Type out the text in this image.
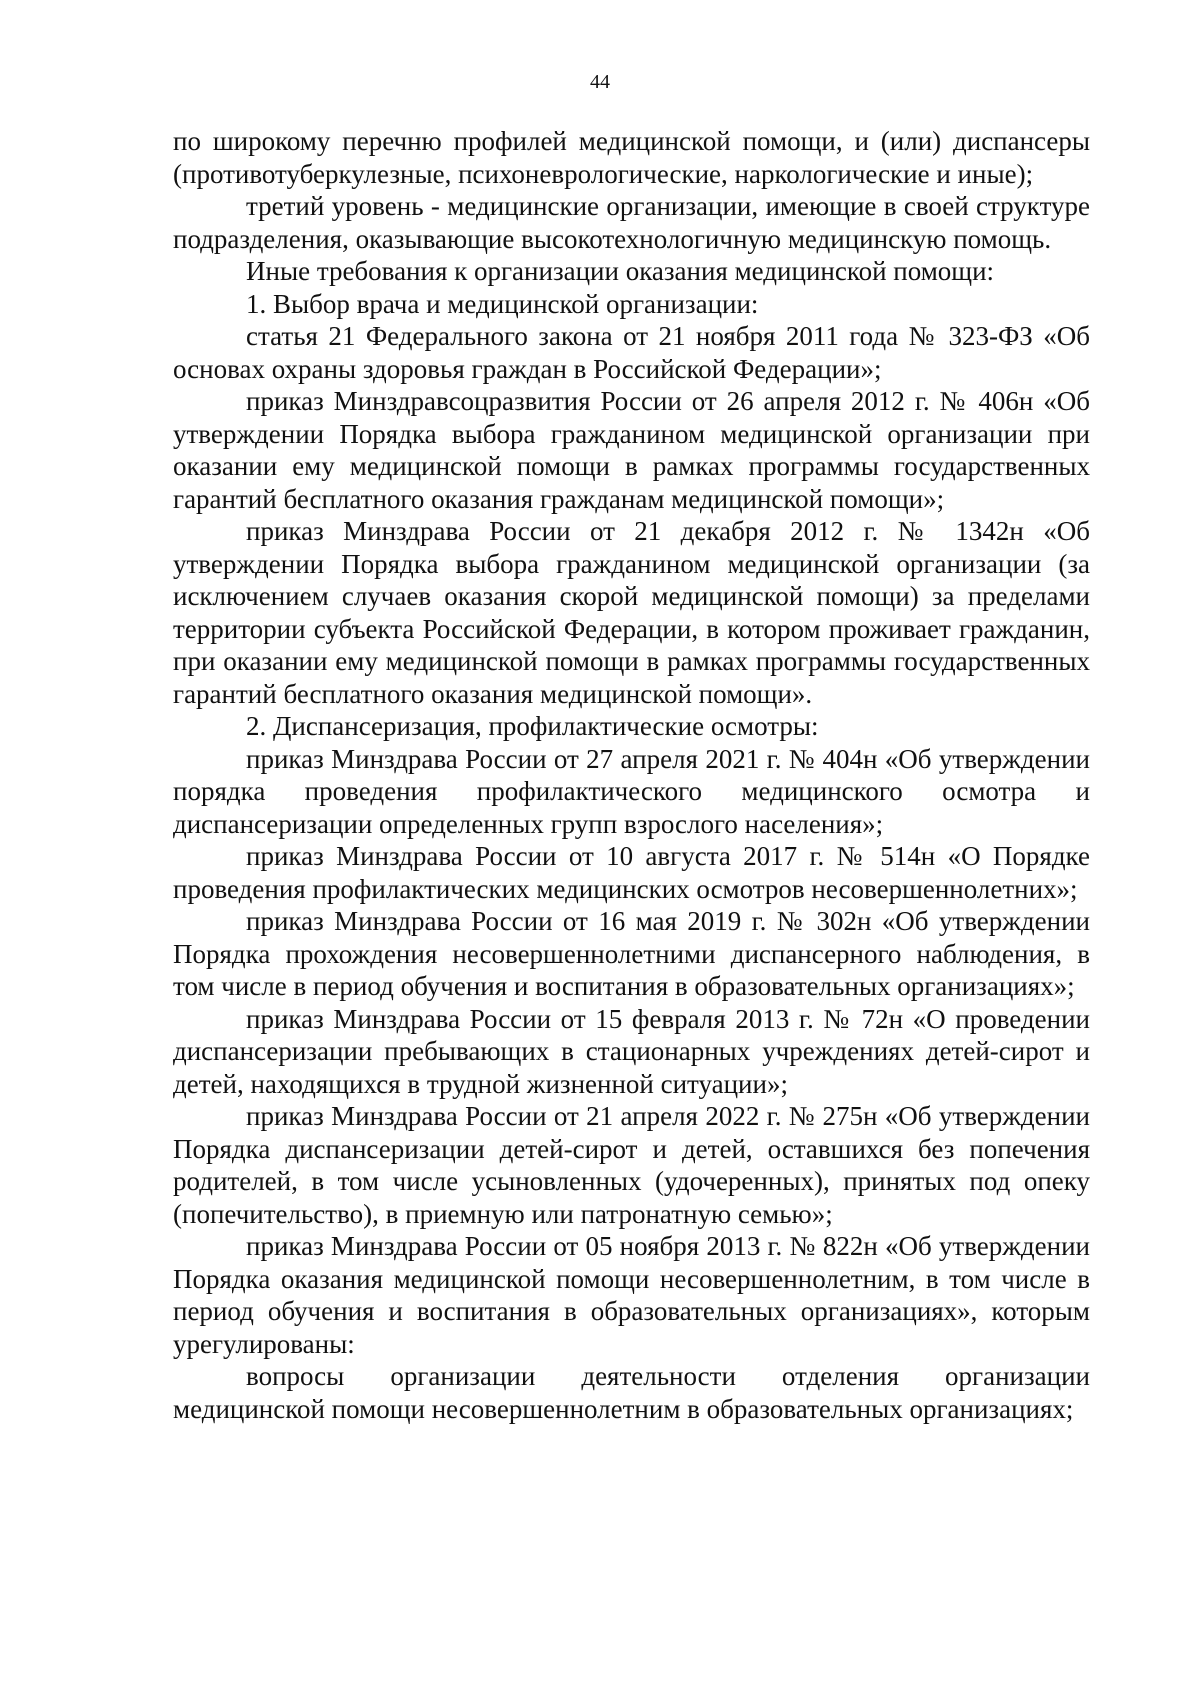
44

по широкому перечню профилей медицинской помощи, и (или) диспансеры (противотуберкулезные, психоневрологические, наркологические и иные);

третий уровень - медицинские организации, имеющие в своей структуре подразделения, оказывающие высокотехнологичную медицинскую помощь.

Иные требования к организации оказания медицинской помощи:

1. Выбор врача и медицинской организации:

статья 21 Федерального закона от 21 ноября 2011 года № 323-ФЗ «Об основах охраны здоровья граждан в Российской Федерации»;

приказ Минздравсоцразвития России от 26 апреля 2012 г. № 406н «Об утверждении Порядка выбора гражданином медицинской организации при оказании ему медицинской помощи в рамках программы государственных гарантий бесплатного оказания гражданам медицинской помощи»;

приказ Минздрава России от 21 декабря 2012 г. № 1342н «Об утверждении Порядка выбора гражданином медицинской организации (за исключением случаев оказания скорой медицинской помощи) за пределами территории субъекта Российской Федерации, в котором проживает гражданин, при оказании ему медицинской помощи в рамках программы государственных гарантий бесплатного оказания медицинской помощи».

2. Диспансеризация, профилактические осмотры:

приказ Минздрава России от 27 апреля 2021 г. № 404н «Об утверждении порядка проведения профилактического медицинского осмотра и диспансеризации определенных групп взрослого населения»;

приказ Минздрава России от 10 августа 2017 г. № 514н «О Порядке проведения профилактических медицинских осмотров несовершеннолетних»;

приказ Минздрава России от 16 мая 2019 г. № 302н «Об утверждении Порядка прохождения несовершеннолетними диспансерного наблюдения, в том числе в период обучения и воспитания в образовательных организациях»;

приказ Минздрава России от 15 февраля 2013 г. № 72н «О проведении диспансеризации пребывающих в стационарных учреждениях детей-сирот и детей, находящихся в трудной жизненной ситуации»;

приказ Минздрава России от 21 апреля 2022 г. № 275н «Об утверждении Порядка диспансеризации детей-сирот и детей, оставшихся без попечения родителей, в том числе усыновленных (удочеренных), принятых под опеку (попечительство), в приемную или патронатную семью»;

приказ Минздрава России от 05 ноября 2013 г. № 822н «Об утверждении Порядка оказания медицинской помощи несовершеннолетним, в том числе в период обучения и воспитания в образовательных организациях», которым урегулированы:

вопросы организации деятельности отделения организации медицинской помощи несовершеннолетним в образовательных организациях;
